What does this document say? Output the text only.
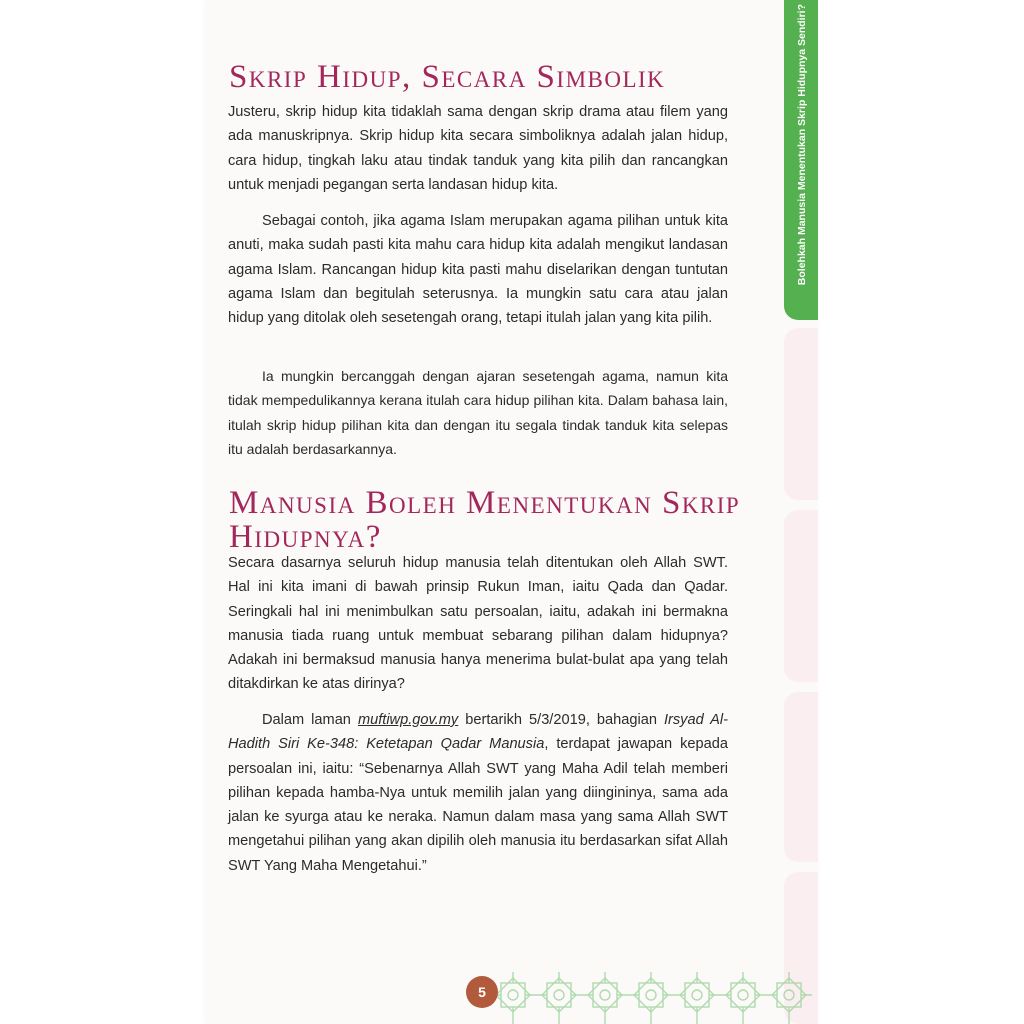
Skrip Hidup, Secara Simbolik

Justeru, skrip hidup kita tidaklah sama dengan skrip drama atau filem yang ada manuskripnya. Skrip hidup kita secara simboliknya adalah jalan hidup, cara hidup, tingkah laku atau tindak tanduk yang kita pilih dan rancangkan untuk menjadi pegangan serta landasan hidup kita.

Sebagai contoh, jika agama Islam merupakan agama pilihan untuk kita anuti, maka sudah pasti kita mahu cara hidup kita adalah mengikut landasan agama Islam. Rancangan hidup kita pasti mahu diselarikan dengan tuntutan agama Islam dan begitulah seterusnya. Ia mungkin satu cara atau jalan hidup yang ditolak oleh sesetengah orang, tetapi itulah jalan yang kita pilih.

Ia mungkin bercanggah dengan ajaran sesetengah agama, namun kita tidak mempedulikannya kerana itulah cara hidup pilihan kita. Dalam bahasa lain, itulah skrip hidup pilihan kita dan dengan itu segala tindak tanduk kita selepas itu adalah berdasarkannya.

Manusia Boleh Menentukan Skrip Hidupnya?

Secara dasarnya seluruh hidup manusia telah ditentukan oleh Allah SWT. Hal ini kita imani di bawah prinsip Rukun Iman, iaitu Qada dan Qadar. Seringkali hal ini menimbulkan satu persoalan, iaitu, adakah ini bermakna manusia tiada ruang untuk membuat sebarang pilihan dalam hidupnya? Adakah ini bermaksud manusia hanya menerima bulat-bulat apa yang telah ditakdirkan ke atas dirinya?

Dalam laman muftiwp.gov.my bertarikh 5/3/2019, bahagian Irsyad Al-Hadith Siri Ke-348: Ketetapan Qadar Manusia, terdapat jawapan kepada persoalan ini, iaitu: “Sebenarnya Allah SWT yang Maha Adil telah memberi pilihan kepada hamba-Nya untuk memilih jalan yang diingininya, sama ada jalan ke syurga atau ke neraka. Namun dalam masa yang sama Allah SWT mengetahui pilihan yang akan dipilih oleh manusia itu berdasarkan sifat Allah SWT Yang Maha Mengetahui.”

Bolehkah Manusia Menentukan Skrip Hidupnya Sendiri?
5
